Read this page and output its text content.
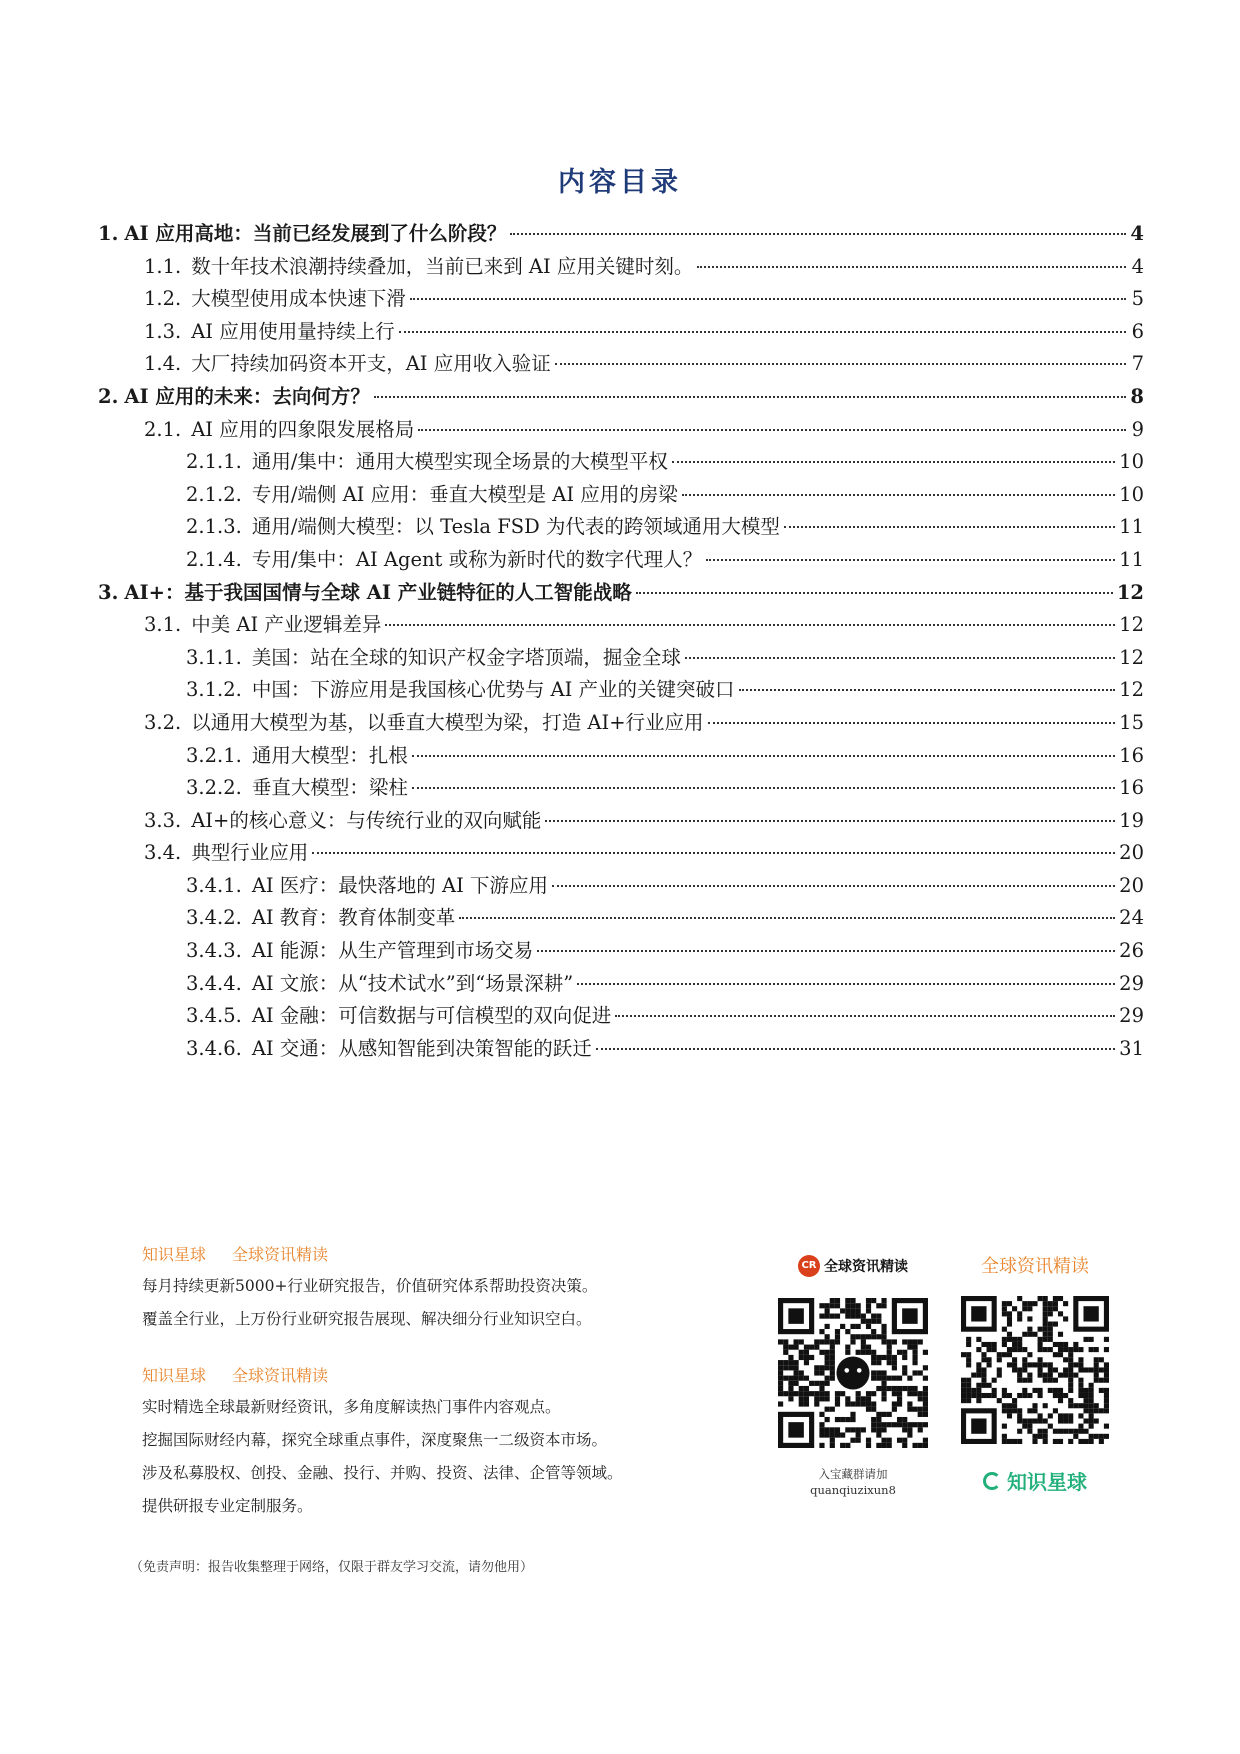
内容目录
1. AI 应用高地：当前已经发展到了什么阶段？	4
1.1. 数十年技术浪潮持续叠加，当前已来到 AI 应用关键时刻。	4
1.2. 大模型使用成本快速下滑	5
1.3. AI 应用使用量持续上行	6
1.4. 大厂持续加码资本开支，AI 应用收入验证	7
2. AI 应用的未来：去向何方？	8
2.1. AI 应用的四象限发展格局	9
2.1.1. 通用/集中：通用大模型实现全场景的大模型平权	10
2.1.2. 专用/端侧 AI 应用：垂直大模型是 AI 应用的房梁	10
2.1.3. 通用/端侧大模型：以 Tesla FSD 为代表的跨领域通用大模型	11
2.1.4. 专用/集中：AI Agent 或称为新时代的数字代理人？	11
3. AI+：基于我国国情与全球 AI 产业链特征的人工智能战略	12
3.1. 中美 AI 产业逻辑差异	12
3.1.1. 美国：站在全球的知识产权金字塔顶端，掘金全球	12
3.1.2. 中国：下游应用是我国核心优势与 AI 产业的关键突破口	12
3.2. 以通用大模型为基，以垂直大模型为梁，打造 AI+行业应用	15
3.2.1. 通用大模型：扎根	16
3.2.2. 垂直大模型：梁柱	16
3.3. AI+的核心意义：与传统行业的双向赋能	19
3.4. 典型行业应用	20
3.4.1. AI 医疗：最快落地的 AI 下游应用	20
3.4.2. AI 教育：教育体制变革	24
3.4.3. AI 能源：从生产管理到市场交易	26
3.4.4. AI 文旅：从“技术试水”到“场景深耕”	29
3.4.5. AI 金融：可信数据与可信模型的双向促进	29
3.4.6. AI 交通：从感知智能到决策智能的跃迁	31
知识星球 全球资讯精读
每月持续更新5000+行业研究报告，价值研究体系帮助投资决策。
覆盖全行业，上万份行业研究报告展现、解决细分行业知识空白。
知识星球 全球资讯精读
实时精选全球最新财经资讯，多角度解读热门事件内容观点。
挖掘国际财经内幕，探究全球重点事件，深度聚焦一二级资本市场。
涉及私募股权、创投、金融、投行、并购、投资、法律、企管等领域。
提供研报专业定制服务。
（免责声明：报告收集整理于网络，仅限于群友学习交流，请勿他用）
CR 全球资讯精读
入宝藏群请加
quanqiuzixun8
全球资讯精读
知识星球
